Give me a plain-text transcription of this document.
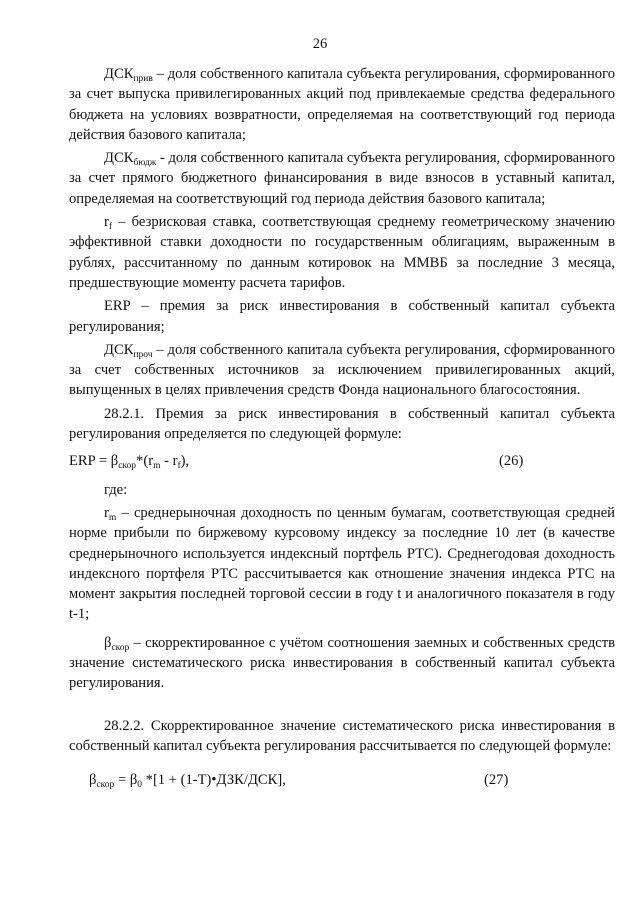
26

$ДСК_{прив}$ – доля собственного капитала субъекта регулирования, сформированного за счет выпуска привилегированных акций под привлекаемые средства федерального бюджета на условиях возвратности, определяемая на соответствующий год периода действия базового капитала;

$ДСК_{бюдж}$ - доля собственного капитала субъекта регулирования, сформированного за счет прямого бюджетного финансирования в виде взносов в уставный капитал, определяемая на соответствующий год периода действия базового капитала;

$r_f$ – безрисковая ставка, соответствующая среднему геометрическому значению эффективной ставки доходности по государственным облигациям, выраженным в рублях, рассчитанному по данным котировок на ММВБ за последние 3 месяца, предшествующие моменту расчета тарифов.

ERP – премия за риск инвестирования в собственный капитал субъекта регулирования;

$ДСК_{проч}$ – доля собственного капитала субъекта регулирования, сформированного за счет собственных источников за исключением привилегированных акций, выпущенных в целях привлечения средств Фонда национального благосостояния.

28.2.1. Премия за риск инвестирования в собственный капитал субъекта регулирования определяется по следующей формуле:

ERP = $\beta_{скор}*(r_m - r_f)$,	(26)

где:

$r_m$ – среднерыночная доходность по ценным бумагам, соответствующая средней норме прибыли по биржевому курсовому индексу за последние 10 лет (в качестве среднерыночного используется индексный портфель РТС). Среднегодовая доходность индексного портфеля РТС рассчитывается как отношение значения индекса РТС на момент закрытия последней торговой сессии в году t и аналогичного показателя в году t-1;

$\beta_{скор}$ – скорректированное с учётом соотношения заемных и собственных средств значение систематического риска инвестирования в собственный капитал субъекта регулирования.

28.2.2. Скорректированное значение систематического риска инвестирования в собственный капитал субъекта регулирования рассчитывается по следующей формуле:

$\beta_{скор} = \beta_0$ *[1 + (1-T)•ДЗК/ДСК],	(27)
